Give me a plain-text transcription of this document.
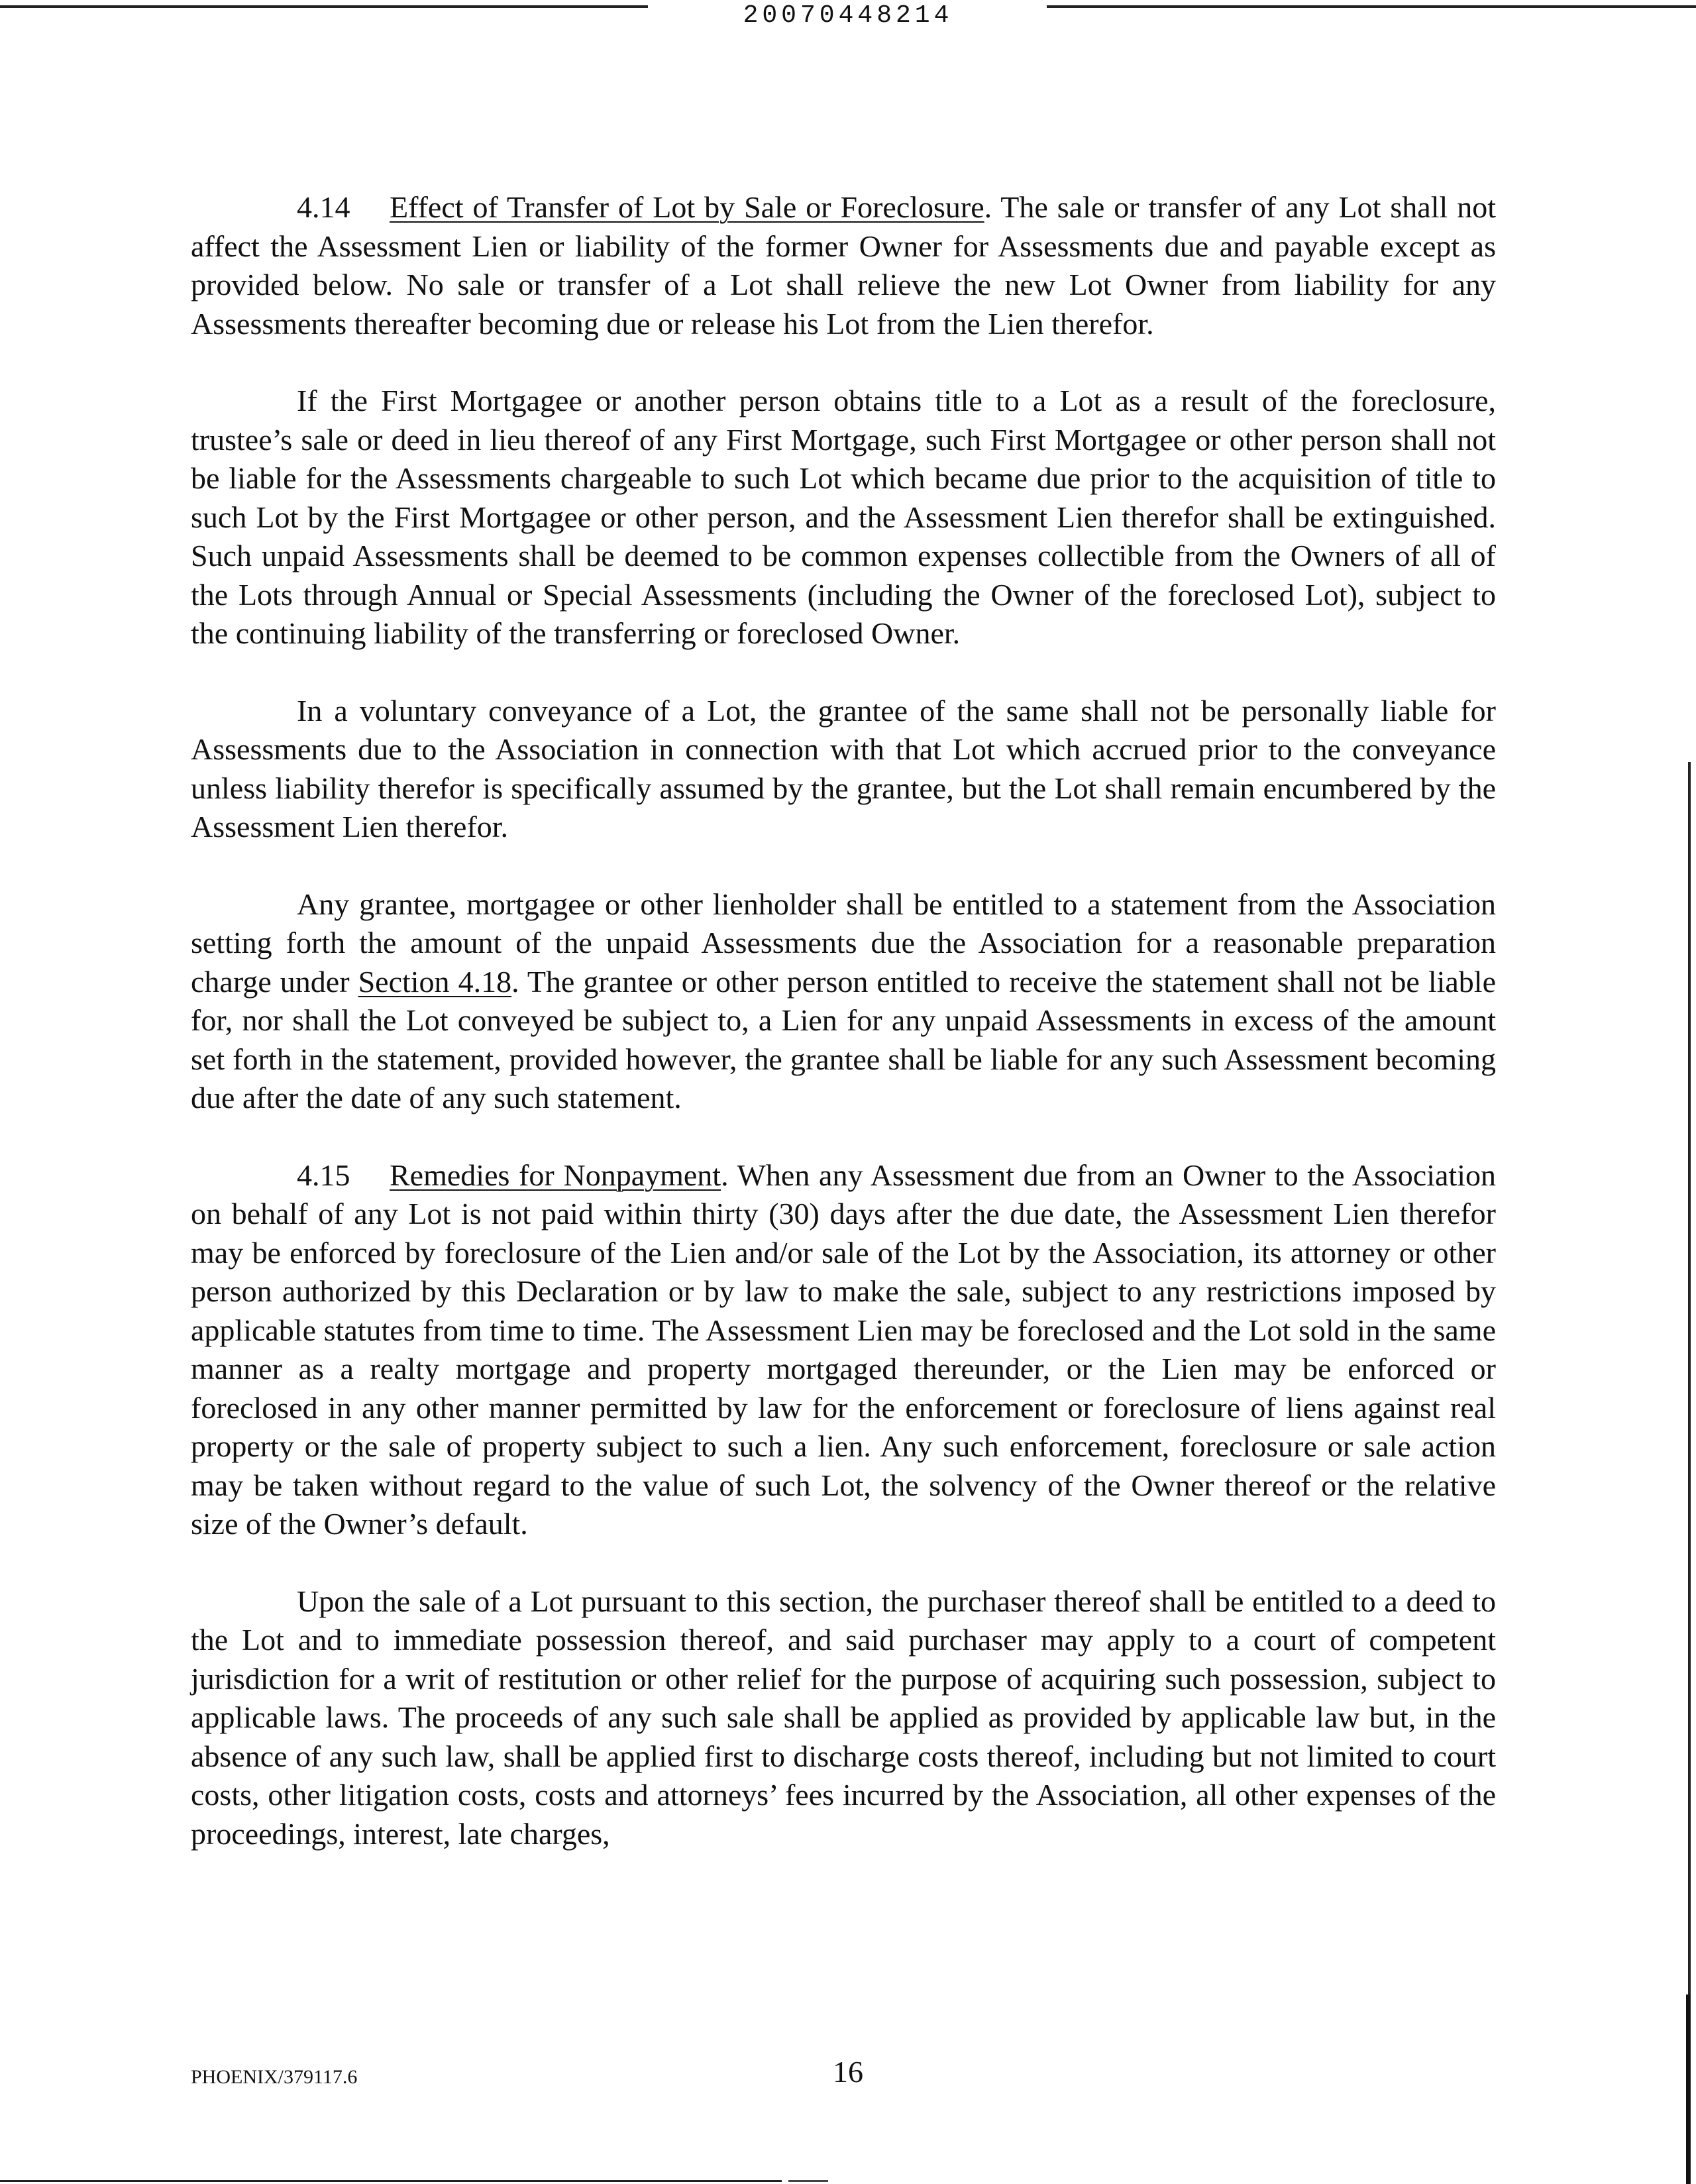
20070448214

4.14 Effect of Transfer of Lot by Sale or Foreclosure. The sale or transfer of any Lot shall not affect the Assessment Lien or liability of the former Owner for Assessments due and payable except as provided below. No sale or transfer of a Lot shall relieve the new Lot Owner from liability for any Assessments thereafter becoming due or release his Lot from the Lien therefor.

If the First Mortgagee or another person obtains title to a Lot as a result of the foreclosure, trustee’s sale or deed in lieu thereof of any First Mortgage, such First Mortgagee or other person shall not be liable for the Assessments chargeable to such Lot which became due prior to the acquisition of title to such Lot by the First Mortgagee or other person, and the Assessment Lien therefor shall be extinguished. Such unpaid Assessments shall be deemed to be common expenses collectible from the Owners of all of the Lots through Annual or Special Assessments (including the Owner of the foreclosed Lot), subject to the continuing liability of the transferring or foreclosed Owner.

In a voluntary conveyance of a Lot, the grantee of the same shall not be personally liable for Assessments due to the Association in connection with that Lot which accrued prior to the conveyance unless liability therefor is specifically assumed by the grantee, but the Lot shall remain encumbered by the Assessment Lien therefor.

Any grantee, mortgagee or other lienholder shall be entitled to a statement from the Association setting forth the amount of the unpaid Assessments due the Association for a reasonable preparation charge under Section 4.18. The grantee or other person entitled to receive the statement shall not be liable for, nor shall the Lot conveyed be subject to, a Lien for any unpaid Assessments in excess of the amount set forth in the statement, provided however, the grantee shall be liable for any such Assessment becoming due after the date of any such statement.

4.15 Remedies for Nonpayment. When any Assessment due from an Owner to the Association on behalf of any Lot is not paid within thirty (30) days after the due date, the Assessment Lien therefor may be enforced by foreclosure of the Lien and/or sale of the Lot by the Association, its attorney or other person authorized by this Declaration or by law to make the sale, subject to any restrictions imposed by applicable statutes from time to time. The Assessment Lien may be foreclosed and the Lot sold in the same manner as a realty mortgage and property mortgaged thereunder, or the Lien may be enforced or foreclosed in any other manner permitted by law for the enforcement or foreclosure of liens against real property or the sale of property subject to such a lien. Any such enforcement, foreclosure or sale action may be taken without regard to the value of such Lot, the solvency of the Owner thereof or the relative size of the Owner’s default.

Upon the sale of a Lot pursuant to this section, the purchaser thereof shall be entitled to a deed to the Lot and to immediate possession thereof, and said purchaser may apply to a court of competent jurisdiction for a writ of restitution or other relief for the purpose of acquiring such possession, subject to applicable laws. The proceeds of any such sale shall be applied as provided by applicable law but, in the absence of any such law, shall be applied first to discharge costs thereof, including but not limited to court costs, other litigation costs, costs and attorneys’ fees incurred by the Association, all other expenses of the proceedings, interest, late charges,

PHOENIX/379117.6	16
